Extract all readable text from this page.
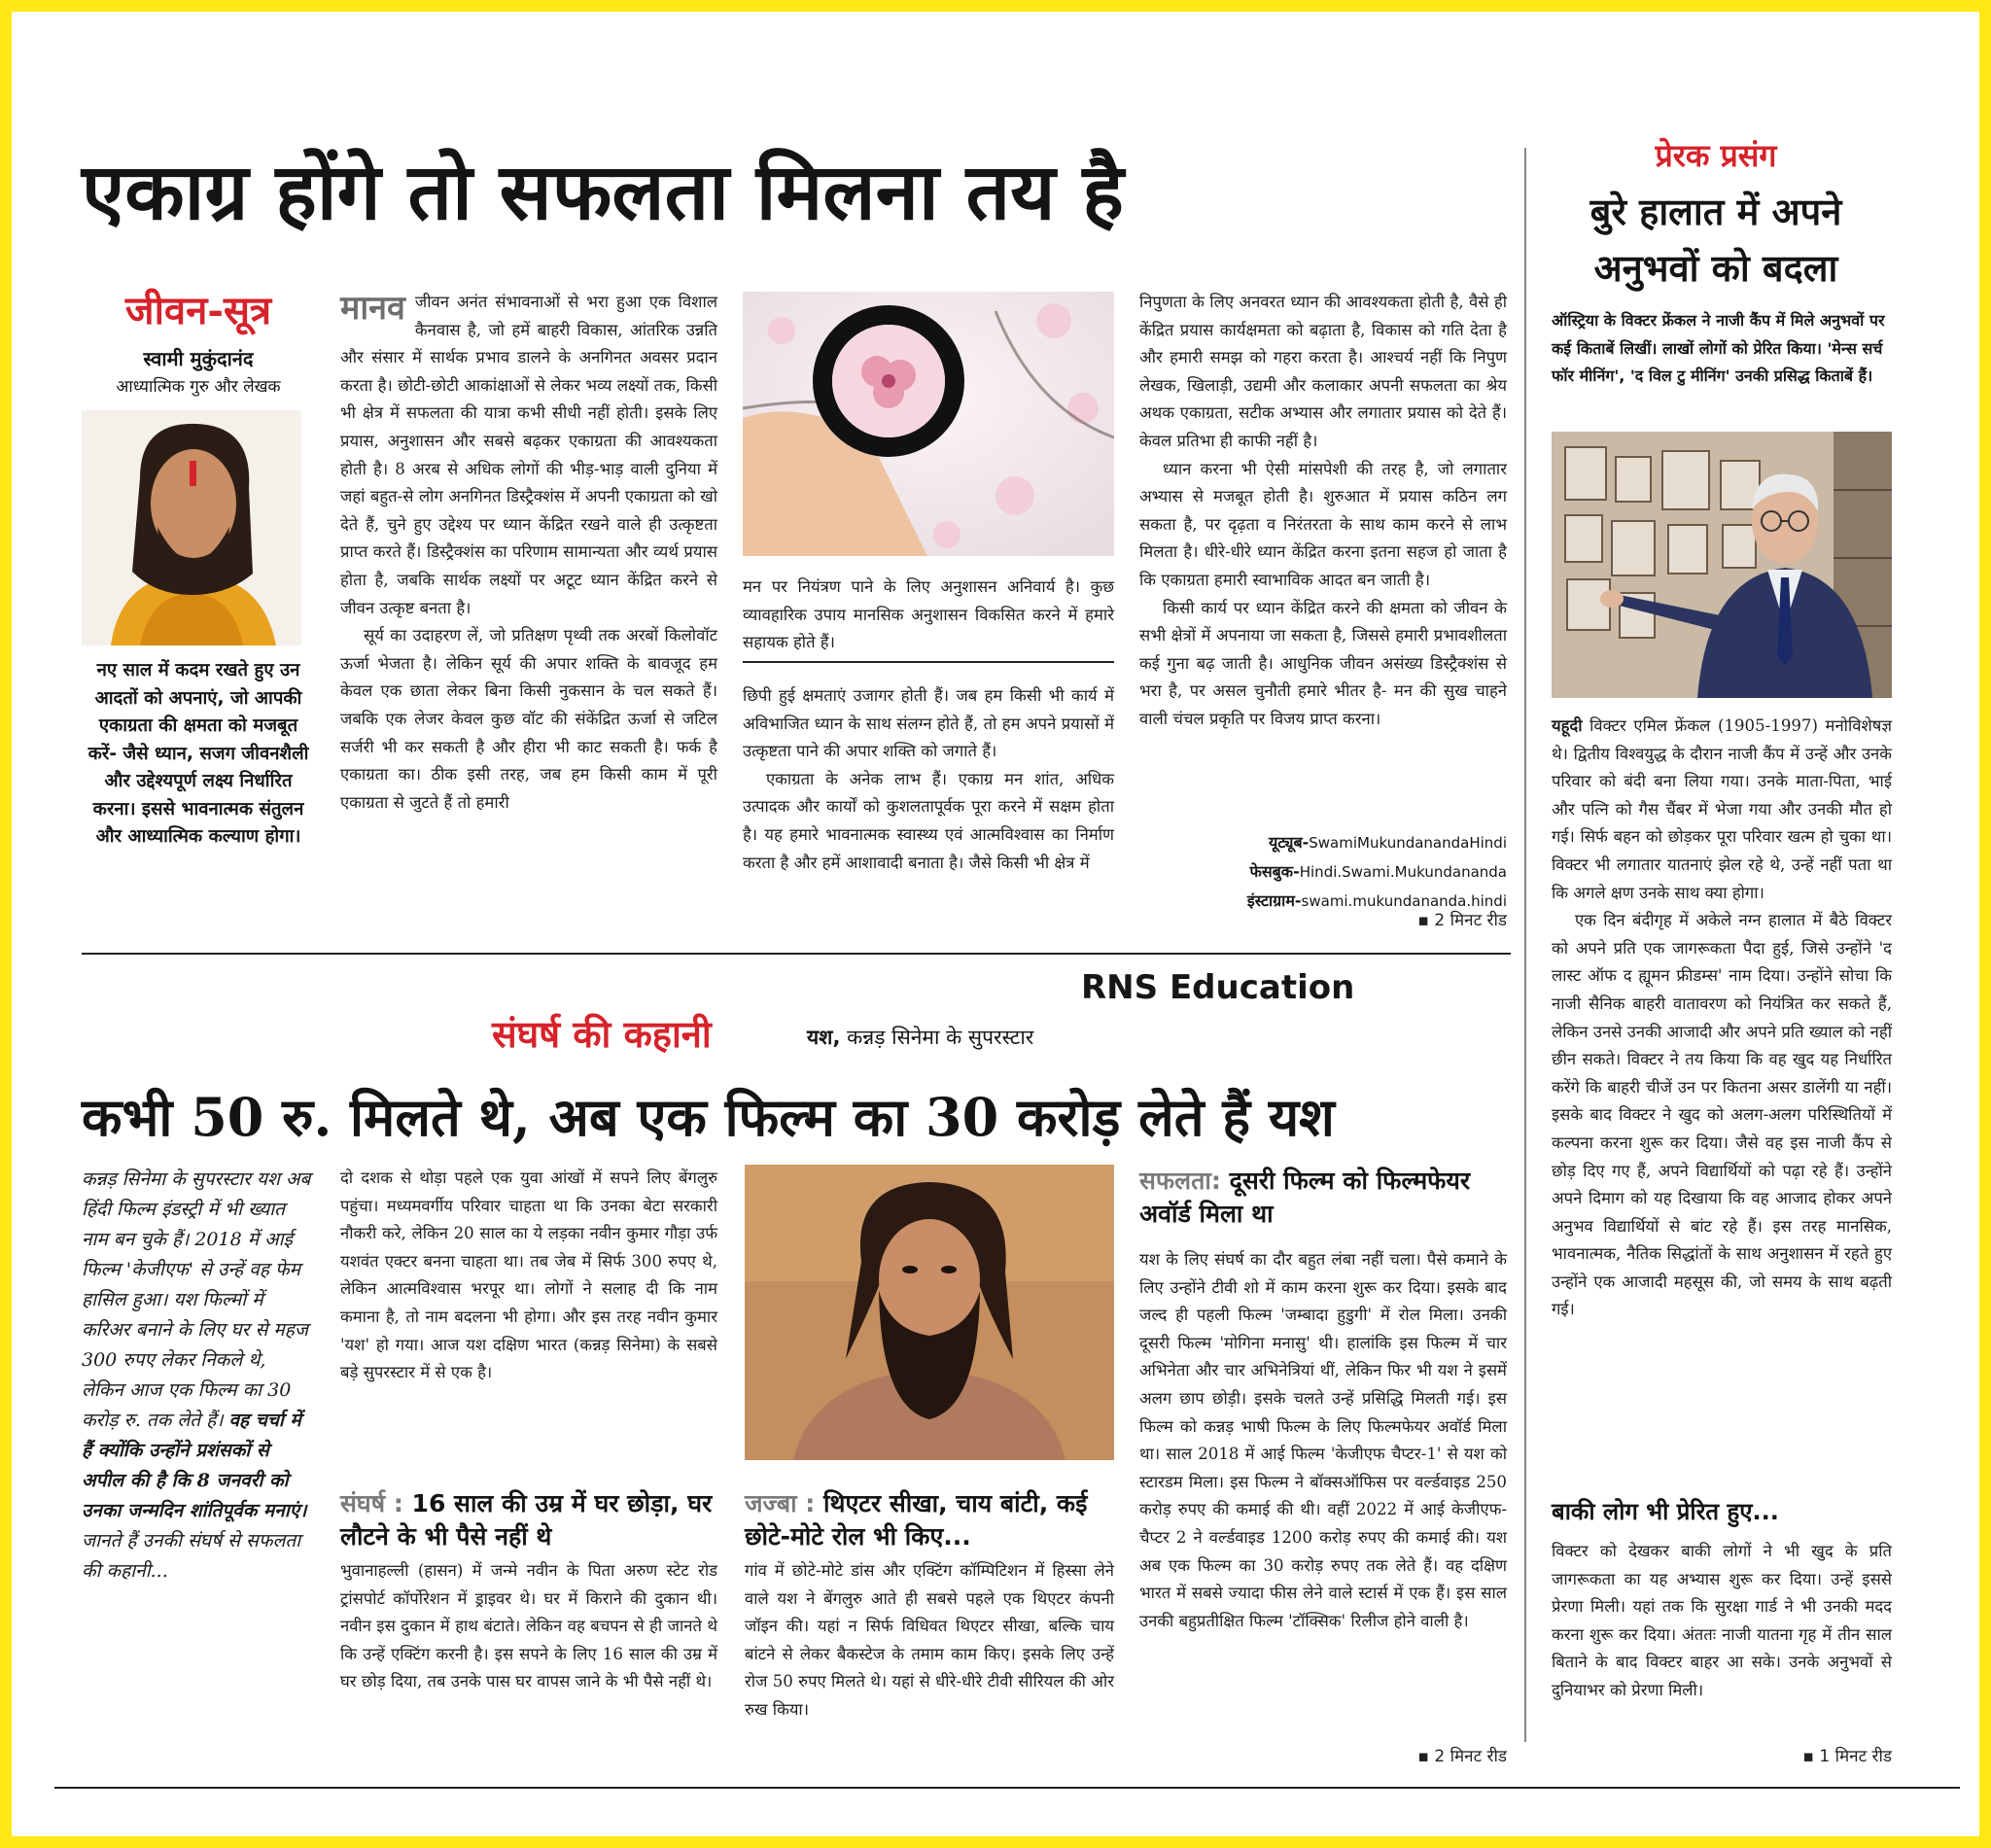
एकाग्र होंगे तो सफलता मिलना तय है
जीवन-सूत्र
स्वामी मुकुंदानंद
आध्यात्मिक गुरु और लेखक
नए साल में कदम रखते हुए उन आदतों को अपनाएं, जो आपकी एकाग्रता की क्षमता को मजबूत करें- जैसे ध्यान, सजग जीवनशैली और उद्देश्यपूर्ण लक्ष्य निर्धारित करना। इससे भावनात्मक संतुलन और आध्यात्मिक कल्याण होगा।

मानव जीवन अनंत संभावनाओं से भरा हुआ एक विशाल कैनवास है, जो हमें बाहरी विकास, आंतरिक उन्नति और संसार में सार्थक प्रभाव डालने के अनगिनत अवसर प्रदान करता है। छोटी-छोटी आकांक्षाओं से लेकर भव्य लक्ष्यों तक, किसी भी क्षेत्र में सफलता की यात्रा कभी सीधी नहीं होती। इसके लिए प्रयास, अनुशासन और सबसे बढ़कर एकाग्रता की आवश्यकता होती है। 8 अरब से अधिक लोगों की भीड़-भाड़ वाली दुनिया में जहां बहुत-से लोग अनगिनत डिस्ट्रैक्शंस में अपनी एकाग्रता को खो देते हैं, चुने हुए उद्देश्य पर ध्यान केंद्रित रखने वाले ही उत्कृष्टता प्राप्त करते हैं। डिस्ट्रैक्शंस का परिणाम सामान्यता और व्यर्थ प्रयास होता है, जबकि सार्थक लक्ष्यों पर अटूट ध्यान केंद्रित करने से जीवन उत्कृष्ट बनता है।

सूर्य का उदाहरण लें, जो प्रतिक्षण पृथ्वी तक अरबों किलोवॉट ऊर्जा भेजता है। लेकिन सूर्य की अपार शक्ति के बावजूद हम केवल एक छाता लेकर बिना किसी नुकसान के चल सकते हैं। जबकि एक लेजर केवल कुछ वॉट की संकेंद्रित ऊर्जा से जटिल सर्जरी भी कर सकती है और हीरा भी काट सकती है। फर्क है एकाग्रता का। ठीक इसी तरह, जब हम किसी काम में पूरी एकाग्रता से जुटते हैं तो हमारी

मन पर नियंत्रण पाने के लिए अनुशासन अनिवार्य है। कुछ व्यावहारिक उपाय मानसिक अनुशासन विकसित करने में हमारे सहायक होते हैं।

छिपी हुई क्षमताएं उजागर होती हैं। जब हम किसी भी कार्य में अविभाजित ध्यान के साथ संलग्न होते हैं, तो हम अपने प्रयासों में उत्कृष्टता पाने की अपार शक्ति को जगाते हैं।

एकाग्रता के अनेक लाभ हैं। एकाग्र मन शांत, अधिक उत्पादक और कार्यों को कुशलतापूर्वक पूरा करने में सक्षम होता है। यह हमारे भावनात्मक स्वास्थ्य एवं आत्मविश्वास का निर्माण करता है और हमें आशावादी बनाता है। जैसे किसी भी क्षेत्र में

निपुणता के लिए अनवरत ध्यान की आवश्यकता होती है, वैसे ही केंद्रित प्रयास कार्यक्षमता को बढ़ाता है, विकास को गति देता है और हमारी समझ को गहरा करता है। आश्चर्य नहीं कि निपुण लेखक, खिलाड़ी, उद्यमी और कलाकार अपनी सफलता का श्रेय अथक एकाग्रता, सटीक अभ्यास और लगातार प्रयास को देते हैं। केवल प्रतिभा ही काफी नहीं है।

ध्यान करना भी ऐसी मांसपेशी की तरह है, जो लगातार अभ्यास से मजबूत होती है। शुरुआत में प्रयास कठिन लग सकता है, पर दृढ़ता व निरंतरता के साथ काम करने से लाभ मिलता है। धीरे-धीरे ध्यान केंद्रित करना इतना सहज हो जाता है कि एकाग्रता हमारी स्वाभाविक आदत बन जाती है।

किसी कार्य पर ध्यान केंद्रित करने की क्षमता को जीवन के सभी क्षेत्रों में अपनाया जा सकता है, जिससे हमारी प्रभावशीलता कई गुना बढ़ जाती है। आधुनिक जीवन असंख्य डिस्ट्रैक्शंस से भरा है, पर असल चुनौती हमारे भीतर है- मन की सुख चाहने वाली चंचल प्रकृति पर विजय प्राप्त करना।

यूट्यूब-SwamiMukundanandaHindi
फेसबुक-Hindi.Swami.Mukundananda
इंस्टाग्राम-swami.mukundananda.hindi
▪ 2 मिनट रीड
प्रेरक प्रसंग
बुरे हालात में अपने
अनुभवों को बदला
ऑस्ट्रिया के विक्टर फ्रेंकल ने नाजी कैंप में मिले अनुभवों पर कई किताबें लिखीं। लाखों लोगों को प्रेरित किया। 'मेन्स सर्च फॉर मीनिंग', 'द विल टु मीनिंग' उनकी प्रसिद्ध किताबें हैं।

यहूदी विक्टर एमिल फ्रेंकल (1905-1997) मनोविशेषज्ञ थे। द्वितीय विश्वयुद्ध के दौरान नाजी कैंप में उन्हें और उनके परिवार को बंदी बना लिया गया। उनके माता-पिता, भाई और पत्नि को गैस चैंबर में भेजा गया और उनकी मौत हो गई। सिर्फ बहन को छोड़कर पूरा परिवार खत्म हो चुका था। विक्टर भी लगातार यातनाएं झेल रहे थे, उन्हें नहीं पता था कि अगले क्षण उनके साथ क्या होगा।

एक दिन बंदीगृह में अकेले नग्न हालात में बैठे विक्टर को अपने प्रति एक जागरूकता पैदा हुई, जिसे उन्होंने 'द लास्ट ऑफ द ह्यूमन फ्रीडम्स' नाम दिया। उन्होंने सोचा कि नाजी सैनिक बाहरी वातावरण को नियंत्रित कर सकते हैं, लेकिन उनसे उनकी आजादी और अपने प्रति ख्याल को नहीं छीन सकते। विक्टर ने तय किया कि वह खुद यह निर्धारित करेंगे कि बाहरी चीजें उन पर कितना असर डालेंगी या नहीं। इसके बाद विक्टर ने खुद को अलग-अलग परिस्थितियों में कल्पना करना शुरू कर दिया। जैसे वह इस नाजी कैंप से छोड़ दिए गए हैं, अपने विद्यार्थियों को पढ़ा रहे हैं। उन्होंने अपने दिमाग को यह दिखाया कि वह आजाद होकर अपने अनुभव विद्यार्थियों से बांट रहे हैं। इस तरह मानसिक, भावनात्मक, नैतिक सिद्धांतों के साथ अनुशासन में रहते हुए उन्होंने एक आजादी महसूस की, जो समय के साथ बढ़ती गई।

बाकी लोग भी प्रेरित हुए...

विक्टर को देखकर बाकी लोगों ने भी खुद के प्रति जागरूकता का यह अभ्यास शुरू कर दिया। उन्हें इससे प्रेरणा मिली। यहां तक कि सुरक्षा गार्ड ने भी उनकी मदद करना शुरू कर दिया। अंततः नाजी यातना गृह में तीन साल बिताने के बाद विक्टर बाहर आ सके। उनके अनुभवों से दुनियाभर को प्रेरणा मिली।

▪ 1 मिनट रीड
RNS Education
संघर्ष की कहानी	यश, कन्नड़ सिनेमा के सुपरस्टार
कभी 50 रु. मिलते थे, अब एक फिल्म का 30 करोड़ लेते हैं यश
कन्नड़ सिनेमा के सुपरस्टार यश अब हिंदी फिल्म इंडस्ट्री में भी ख्यात नाम बन चुके हैं। 2018 में आई फिल्म 'केजीएफ' से उन्हें वह फेम हासिल हुआ। यश फिल्मों में करिअर बनाने के लिए घर से महज 300 रुपए लेकर निकले थे, लेकिन आज एक फिल्म का 30 करोड़ रु. तक लेते हैं। वह चर्चा में हैं क्योंकि उन्होंने प्रशंसकों से अपील की है कि 8 जनवरी को उनका जन्मदिन शांतिपूर्वक मनाएं। जानते हैं उनकी संघर्ष से सफलता की कहानी...

दो दशक से थोड़ा पहले एक युवा आंखों में सपने लिए बेंगलुरु पहुंचा। मध्यमवर्गीय परिवार चाहता था कि उनका बेटा सरकारी नौकरी करे, लेकिन 20 साल का ये लड़का नवीन कुमार गौड़ा उर्फ यशवंत एक्टर बनना चाहता था। तब जेब में सिर्फ 300 रुपए थे, लेकिन आत्मविश्वास भरपूर था। लोगों ने सलाह दी कि नाम कमाना है, तो नाम बदलना भी होगा। और इस तरह नवीन कुमार 'यश' हो गया। आज यश दक्षिण भारत (कन्नड़ सिनेमा) के सबसे बड़े सुपरस्टार में से एक है।

संघर्ष : 16 साल की उम्र में घर छोड़ा, घर लौटने के भी पैसे नहीं थे

भुवानाहल्ली (हासन) में जन्मे नवीन के पिता अरुण स्टेट रोड ट्रांसपोर्ट कॉर्पोरेशन में ड्राइवर थे। घर में किराने की दुकान थी। नवीन इस दुकान में हाथ बंटाते। लेकिन वह बचपन से ही जानते थे कि उन्हें एक्टिंग करनी है। इस सपने के लिए 16 साल की उम्र में घर छोड़ दिया, तब उनके पास घर वापस जाने के भी पैसे नहीं थे।

जज्बा : थिएटर सीखा, चाय बांटी, कई छोटे-मोटे रोल भी किए...

गांव में छोटे-मोटे डांस और एक्टिंग कॉम्पिटिशन में हिस्सा लेने वाले यश ने बेंगलुरु आते ही सबसे पहले एक थिएटर कंपनी जॉइन की। यहां न सिर्फ विधिवत थिएटर सीखा, बल्कि चाय बांटने से लेकर बैकस्टेज के तमाम काम किए। इसके लिए उन्हें रोज 50 रुपए मिलते थे। यहां से धीरे-धीरे टीवी सीरियल की ओर रुख किया।

सफलता: दूसरी फिल्म को फिल्मफेयर अवॉर्ड मिला था

यश के लिए संघर्ष का दौर बहुत लंबा नहीं चला। पैसे कमाने के लिए उन्होंने टीवी शो में काम करना शुरू कर दिया। इसके बाद जल्द ही पहली फिल्म 'जम्बादा हुडुगी' में रोल मिला। उनकी दूसरी फिल्म 'मोगिना मनासु' थी। हालांकि इस फिल्म में चार अभिनेता और चार अभिनेत्रियां थीं, लेकिन फिर भी यश ने इसमें अलग छाप छोड़ी। इसके चलते उन्हें प्रसिद्धि मिलती गई। इस फिल्म को कन्नड़ भाषी फिल्म के लिए फिल्मफेयर अवॉर्ड मिला था। साल 2018 में आई फिल्म 'केजीएफ चैप्टर-1' से यश को स्टारडम मिला। इस फिल्म ने बॉक्सऑफिस पर वर्ल्डवाइड 250 करोड़ रुपए की कमाई की थी। वहीं 2022 में आई केजीएफ-चैप्टर 2 ने वर्ल्डवाइड 1200 करोड़ रुपए की कमाई की। यश अब एक फिल्म का 30 करोड़ रुपए तक लेते हैं। वह दक्षिण भारत में सबसे ज्यादा फीस लेने वाले स्टार्स में एक हैं। इस साल उनकी बहुप्रतीक्षित फिल्म 'टॉक्सिक' रिलीज होने वाली है।

▪ 2 मिनट रीड
